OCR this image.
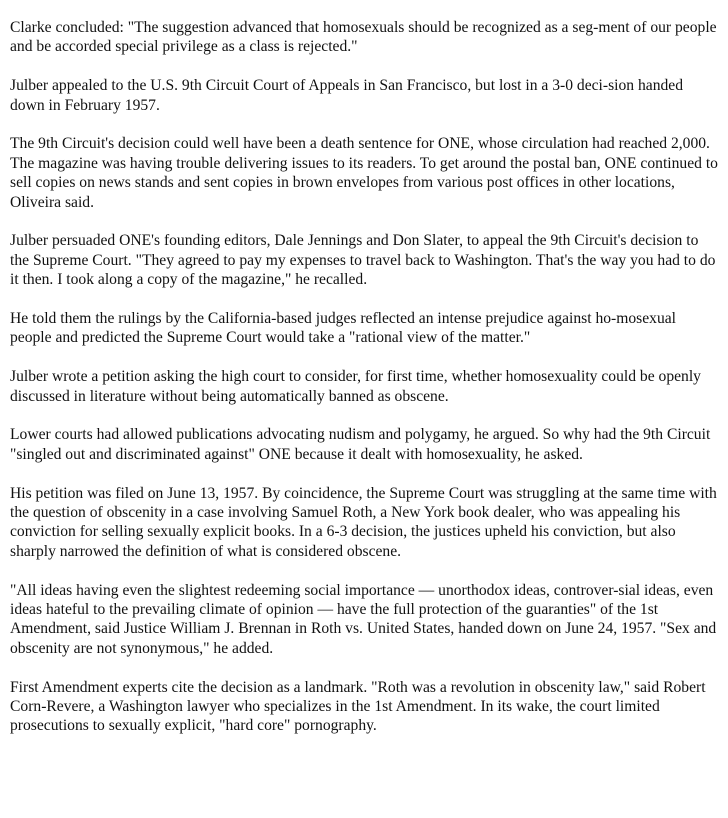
Clarke concluded: "The suggestion advanced that homosexuals should be recognized as a seg-ment of our people and be accorded special privilege as a class is rejected."

Julber appealed to the U.S. 9th Circuit Court of Appeals in San Francisco, but lost in a 3-0 deci-sion handed down in February 1957.

The 9th Circuit's decision could well have been a death sentence for ONE, whose circulation had reached 2,000. The magazine was having trouble delivering issues to its readers. To get around the postal ban, ONE continued to sell copies on news stands and sent copies in brown envelopes from various post offices in other locations, Oliveira said.

Julber persuaded ONE's founding editors, Dale Jennings and Don Slater, to appeal the 9th Circuit's decision to the Supreme Court. "They agreed to pay my expenses to travel back to Washington. That's the way you had to do it then. I took along a copy of the magazine," he recalled.

He told them the rulings by the California-based judges reflected an intense prejudice against ho-mosexual people and predicted the Supreme Court would take a "rational view of the matter."

Julber wrote a petition asking the high court to consider, for first time, whether homosexuality could be openly discussed in literature without being automatically banned as obscene.

Lower courts had allowed publications advocating nudism and polygamy, he argued. So why had the 9th Circuit "singled out and discriminated against" ONE because it dealt with homosexuality, he asked.

His petition was filed on June 13, 1957. By coincidence, the Supreme Court was struggling at the same time with the question of obscenity in a case involving Samuel Roth, a New York book dealer, who was appealing his conviction for selling sexually explicit books. In a 6-3 decision, the justices upheld his conviction, but also sharply narrowed the definition of what is considered obscene.

"All ideas having even the slightest redeeming social importance — unorthodox ideas, controver-sial ideas, even ideas hateful to the prevailing climate of opinion — have the full protection of the guaranties" of the 1st Amendment, said Justice William J. Brennan in Roth vs. United States, handed down on June 24, 1957. "Sex and obscenity are not synonymous," he added.

First Amendment experts cite the decision as a landmark. "Roth was a revolution in obscenity law," said Robert Corn-Revere, a Washington lawyer who specializes in the 1st Amendment. In its wake, the court limited prosecutions to sexually explicit, "hard core" pornography.
